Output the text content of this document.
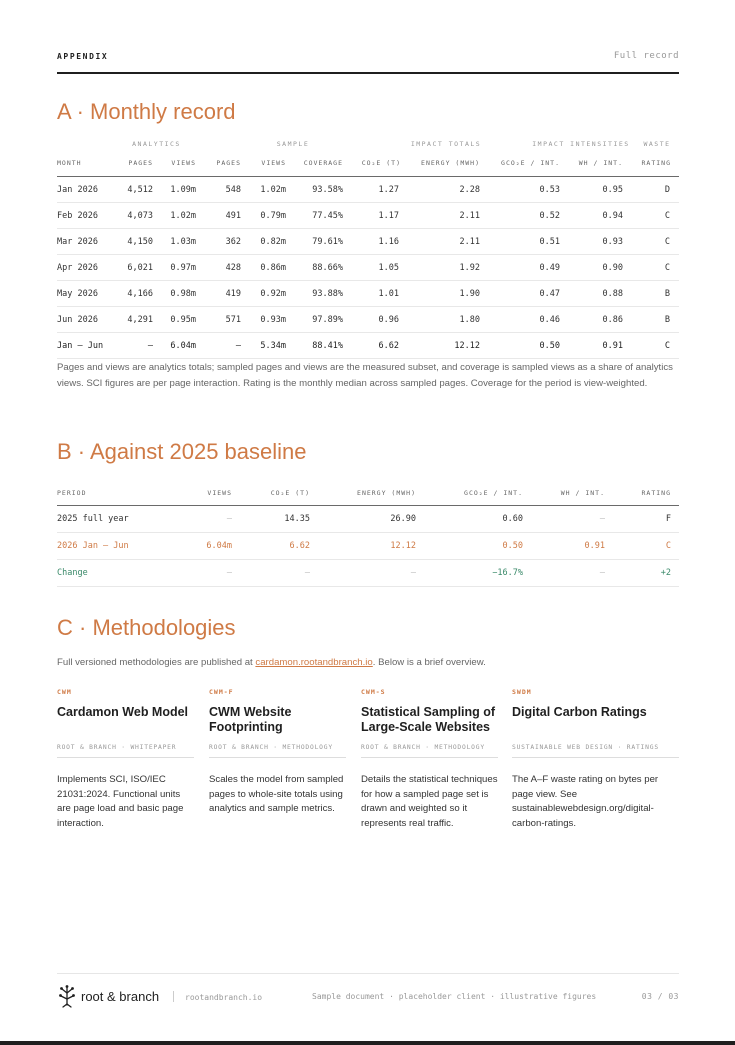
APPENDIX	Full record
A · Monthly record
ANALYTICS	SAMPLE	IMPACT TOTALS	IMPACT INTENSITIES	WASTE
MONTH	PAGES	VIEWS	PAGES	VIEWS	COVERAGE	CO₂E (T)	ENERGY (MWH)	GCO₂E / INT.	WH / INT.	RATING
Jan 2026	4,512	1.09m	548	1.02m	93.58%	1.27	2.28	0.53	0.95	D
Feb 2026	4,073	1.02m	491	0.79m	77.45%	1.17	2.11	0.52	0.94	C
Mar 2026	4,150	1.03m	362	0.82m	79.61%	1.16	2.11	0.51	0.93	C
Apr 2026	6,021	0.97m	428	0.86m	88.66%	1.05	1.92	0.49	0.90	C
May 2026	4,166	0.98m	419	0.92m	93.88%	1.01	1.90	0.47	0.88	B
Jun 2026	4,291	0.95m	571	0.93m	97.89%	0.96	1.80	0.46	0.86	B
Jan – Jun	—	6.04m	—	5.34m	88.41%	6.62	12.12	0.50	0.91	C
Pages and views are analytics totals; sampled pages and views are the measured subset, and coverage is sampled views as a share of analytics views. SCI figures are per page interaction. Rating is the monthly median across sampled pages. Coverage for the period is view-weighted.
B · Against 2025 baseline
PERIOD	VIEWS	CO₂E (T)	ENERGY (MWH)	GCO₂E / INT.	WH / INT.	RATING
2025 full year	—	14.35	26.90	0.60	—	F
2026 Jan – Jun	6.04m	6.62	12.12	0.50	0.91	C
Change	—	—	—	−16.7%	—	+2
C · Methodologies
Full versioned methodologies are published at cardamon.rootandbranch.io. Below is a brief overview.
CWM
Cardamon Web Model
ROOT & BRANCH · WHITEPAPER
Implements SCI, ISO/IEC 21031:2024. Functional units are page load and basic page interaction.
CWM-F
CWM Website Footprinting
ROOT & BRANCH · METHODOLOGY
Scales the model from sampled pages to whole-site totals using analytics and sample metrics.
CWM-S
Statistical Sampling of Large-Scale Websites
ROOT & BRANCH · METHODOLOGY
Details the statistical techniques for how a sampled page set is drawn and weighted so it represents real traffic.
SWDM
Digital Carbon Ratings
SUSTAINABLE WEB DESIGN · RATINGS
The A–F waste rating on bytes per page view. See sustainablewebdesign.org/digital-carbon-ratings.
root & branch	rootandbranch.io	Sample document · placeholder client · illustrative figures	03 / 03
